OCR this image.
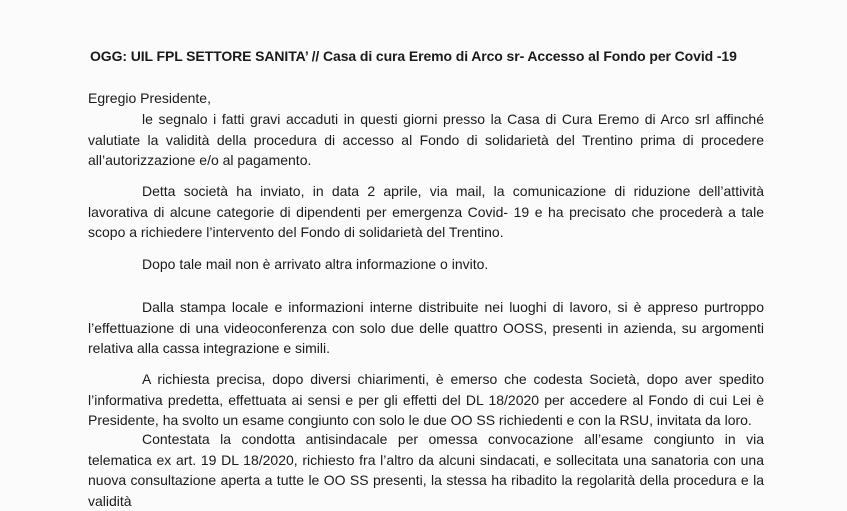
OGG: UIL FPL SETTORE SANITA’ // Casa di cura Eremo di Arco sr- Accesso al Fondo per Covid -19
Egregio Presidente,
le segnalo i fatti gravi accaduti in questi giorni presso la Casa di Cura Eremo di Arco srl affinché valutiate la validità della procedura di accesso al Fondo di solidarietà del Trentino prima di procedere all’autorizzazione e/o al pagamento.
Detta società ha inviato, in data 2 aprile, via mail, la comunicazione di riduzione dell’attività lavorativa di alcune categorie di dipendenti per emergenza Covid- 19 e ha precisato che procederà a tale scopo a richiedere l’intervento del Fondo di solidarietà del Trentino.
Dopo tale mail non è arrivato altra informazione o invito.
Dalla stampa locale e informazioni interne distribuite nei luoghi di lavoro, si è appreso purtroppo l’effettuazione di una videoconferenza con solo due delle quattro OOSS, presenti in azienda, su argomenti relativa alla cassa integrazione e simili.
A richiesta precisa, dopo diversi chiarimenti, è emerso che codesta Società, dopo aver spedito l’informativa predetta, effettuata ai sensi e per gli effetti del DL 18/2020 per accedere al Fondo di cui Lei è Presidente, ha svolto un esame congiunto con solo le due OO SS richiedenti e con la RSU, invitata da loro.
Contestata la condotta antisindacale per omessa convocazione all’esame congiunto in via telematica ex art. 19 DL 18/2020, richiesto fra l’altro da alcuni sindacati, e sollecitata una sanatoria con una nuova consultazione aperta a tutte le OO SS presenti, la stessa ha ribadito la regolarità della procedura e la validità
